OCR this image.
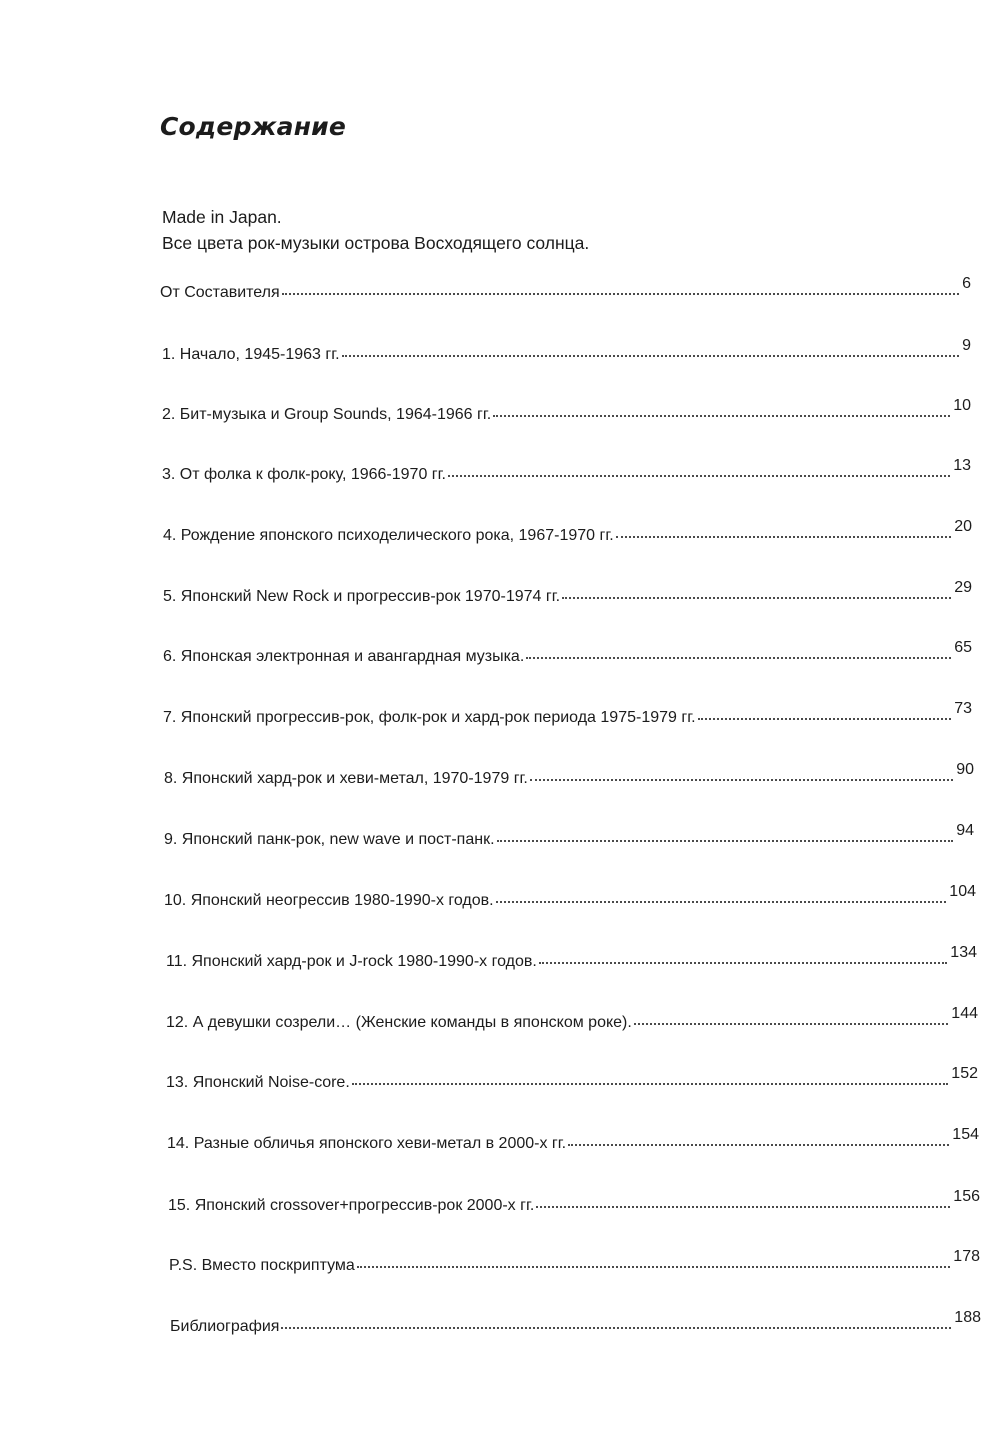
Содержание
Made in Japan.
Все цвета рок-музыки острова Восходящего солнца.
От Составителя
6
1. Начало, 1945-1963 гг.
9
2. Бит-музыка и Group Sounds, 1964-1966 гг.
10
3. От фолка к фолк-року, 1966-1970 гг.
13
4. Рождение японского психоделического рока, 1967-1970 гг.
20
5. Японский New Rock и прогрессив-рок 1970-1974 гг.
29
6. Японская электронная и авангардная музыка.
65
7. Японский прогрессив-рок, фолк-рок и хард-рок периода 1975-1979 гг.
73
8. Японский хард-рок и хеви-метал, 1970-1979 гг.
90
9. Японский панк-рок, new wave и пост-панк.
94
10. Японский неогрессив 1980-1990-х годов.
104
11. Японский хард-рок и J-rock 1980-1990-х годов.
134
12. А девушки созрели… (Женские команды в японском роке).
144
13. Японский Noise-core.
152
14. Разные обличья японского хеви-метал в 2000-х гг.
154
15. Японский crossover+прогрессив-рок 2000-х гг.
156
P.S. Вместо поскриптума
178
Библиография
188
